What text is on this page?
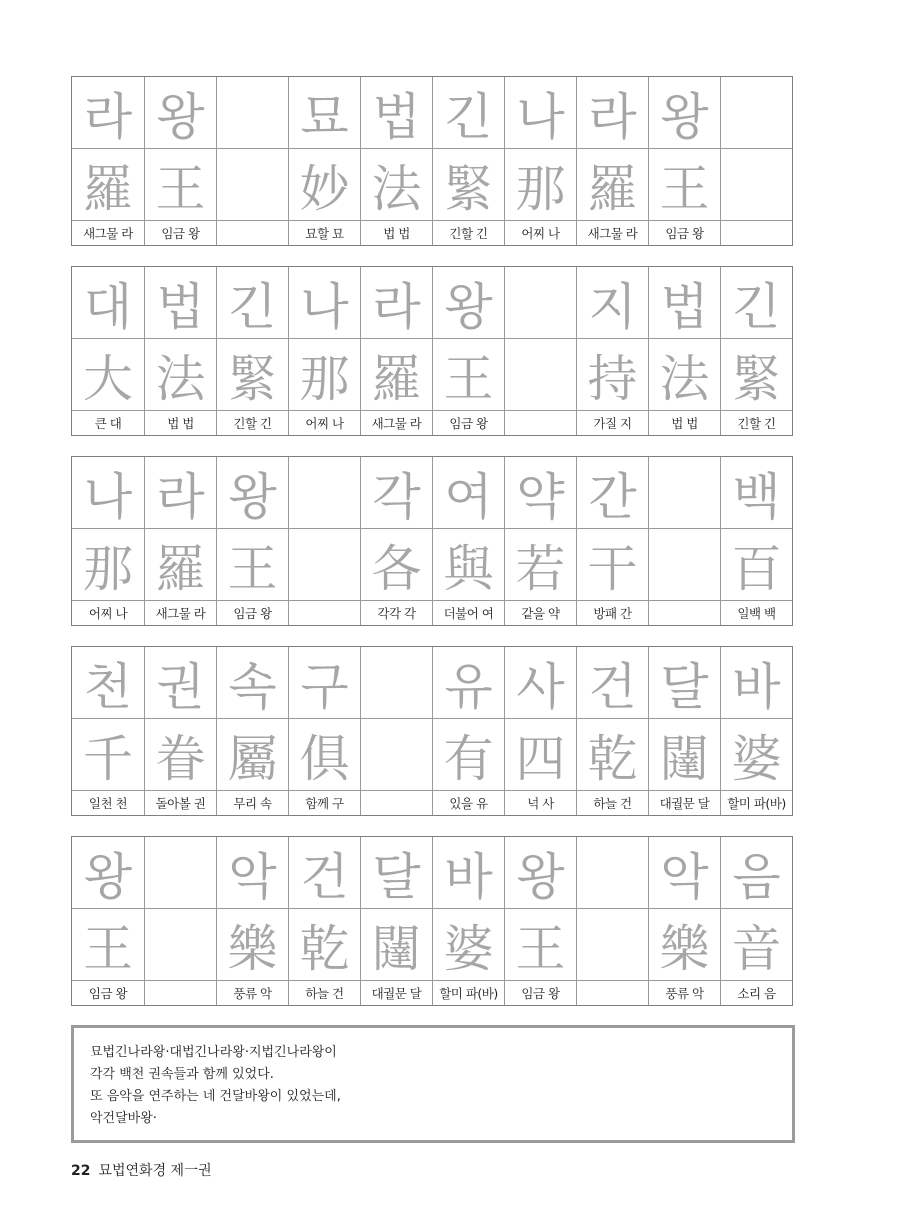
라
羅
새그물 라
왕
王
임금 왕
묘
妙
묘할 묘
법
法
법 법
긴
緊
긴할 긴
나
那
어찌 나
라
羅
새그물 라
왕
王
임금 왕
대
大
큰 대
법
法
법 법
긴
緊
긴할 긴
나
那
어찌 나
라
羅
새그물 라
왕
王
임금 왕
지
持
가질 지
법
法
법 법
긴
緊
긴할 긴
나
那
어찌 나
라
羅
새그물 라
왕
王
임금 왕
각
各
각각 각
여
與
더불어 여
약
若
같을 약
간
干
방패 간
백
百
일백 백
천
千
일천 천
권
眷
돌아볼 권
속
屬
무리 속
구
俱
함께 구
유
有
있을 유
사
四
넉 사
건
乾
하늘 건
달
闥
대궐문 달
바
婆
할미 파(바)
왕
王
임금 왕
악
樂
풍류 악
건
乾
하늘 건
달
闥
대궐문 달
바
婆
할미 파(바)
왕
王
임금 왕
악
樂
풍류 악
음
音
소리 음
묘법긴나라왕·대법긴나라왕·지법긴나라왕이
각각 백천 권속들과 함께 있었다.
또 음악을 연주하는 네 건달바왕이 있었는데,
악건달바왕·
22 묘법연화경 제一권
